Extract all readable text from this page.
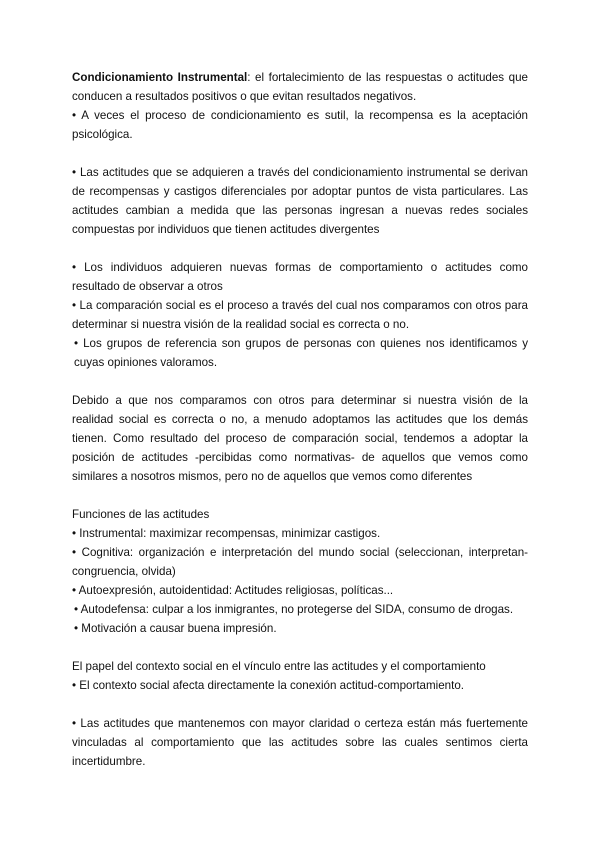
Condicionamiento Instrumental: el fortalecimiento de las respuestas o actitudes que conducen a resultados positivos o que evitan resultados negativos.

• A veces el proceso de condicionamiento es sutil, la recompensa es la aceptación psicológica.

• Las actitudes que se adquieren a través del condicionamiento instrumental se derivan de recompensas y castigos diferenciales por adoptar puntos de vista particulares. Las actitudes cambian a medida que las personas ingresan a nuevas redes sociales compuestas por individuos que tienen actitudes divergentes

• Los individuos adquieren nuevas formas de comportamiento o actitudes como resultado de observar a otros

• La comparación social es el proceso a través del cual nos comparamos con otros para determinar si nuestra visión de la realidad social es correcta o no.

• Los grupos de referencia son grupos de personas con quienes nos identificamos y cuyas opiniones valoramos.

Debido a que nos comparamos con otros para determinar si nuestra visión de la realidad social es correcta o no, a menudo adoptamos las actitudes que los demás tienen. Como resultado del proceso de comparación social, tendemos a adoptar la posición de actitudes -percibidas como normativas- de aquellos que vemos como similares a nosotros mismos, pero no de aquellos que vemos como diferentes

Funciones de las actitudes

• Instrumental: maximizar recompensas, minimizar castigos.

• Cognitiva: organización e interpretación del mundo social (seleccionan, interpretan-congruencia, olvida)

• Autoexpresión, autoidentidad: Actitudes religiosas, políticas...

• Autodefensa: culpar a los inmigrantes, no protegerse del SIDA, consumo de drogas.

• Motivación a causar buena impresión.

El papel del contexto social en el vínculo entre las actitudes y el comportamiento

• El contexto social afecta directamente la conexión actitud-comportamiento.

• Las actitudes que mantenemos con mayor claridad o certeza están más fuertemente vinculadas al comportamiento que las actitudes sobre las cuales sentimos cierta incertidumbre.
